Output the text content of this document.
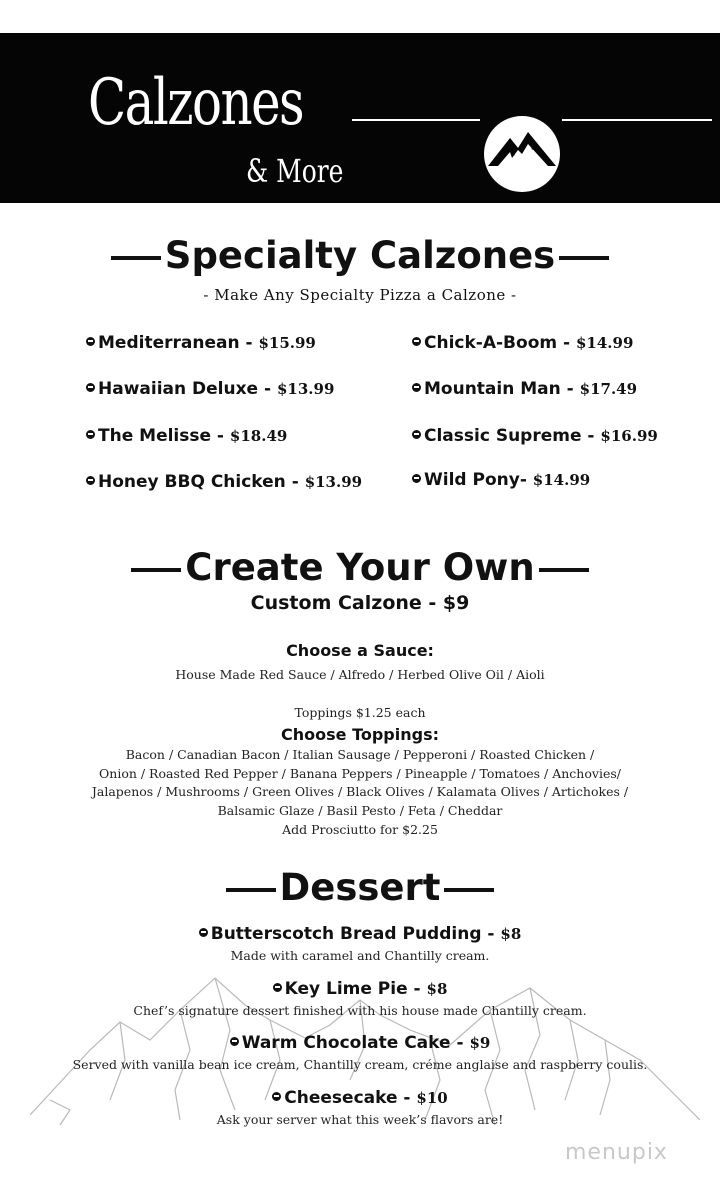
Calzones
& More
Specialty Calzones
- Make Any Specialty Pizza a Calzone -
Mediterranean - $15.99	Chick-A-Boom - $14.99
Hawaiian Deluxe - $13.99	Mountain Man - $17.49
The Melisse - $18.49	Classic Supreme - $16.99
Honey BBQ Chicken - $13.99	Wild Pony- $14.99
Create Your Own
Custom Calzone - $9
Choose a Sauce:
House Made Red Sauce / Alfredo / Herbed Olive Oil / Aioli
Toppings $1.25 each
Choose Toppings:
Bacon / Canadian Bacon / Italian Sausage / Pepperoni / Roasted Chicken /
Onion / Roasted Red Pepper / Banana Peppers / Pineapple / Tomatoes / Anchovies/
Jalapenos / Mushrooms / Green Olives / Black Olives / Kalamata Olives / Artichokes /
Balsamic Glaze / Basil Pesto / Feta / Cheddar
Add Prosciutto for $2.25
Dessert
Butterscotch Bread Pudding - $8
Made with caramel and Chantilly cream.
Key Lime Pie - $8
Chef’s signature dessert finished with his house made Chantilly cream.
Warm Chocolate Cake - $9
Served with vanilla bean ice cream, Chantilly cream, créme anglaise and raspberry coulis.
Cheesecake - $10
Ask your server what this week’s flavors are!
menupix
